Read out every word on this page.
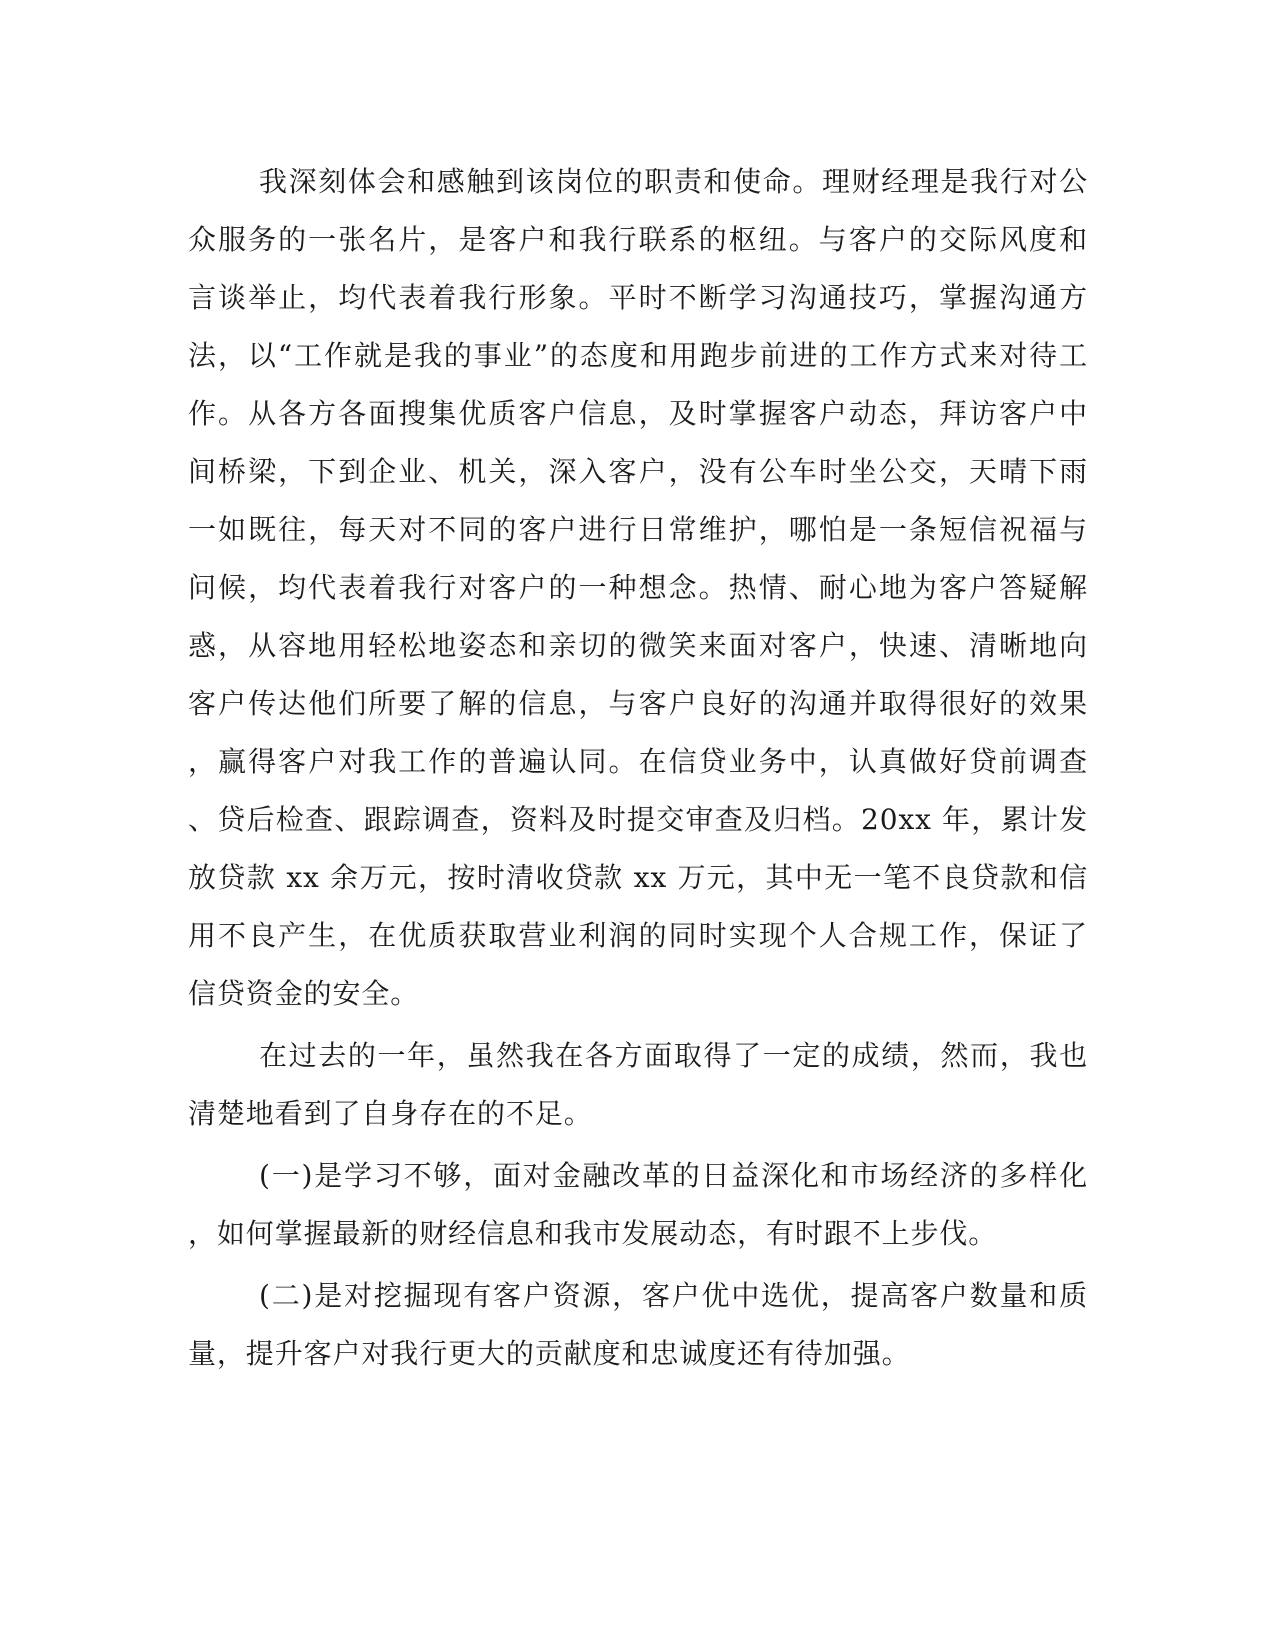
我深刻体会和感触到该岗位的职责和使命。理财经理是我行对公
众服务的一张名片，是客户和我行联系的枢纽。与客户的交际风度和
言谈举止，均代表着我行形象。平时不断学习沟通技巧，掌握沟通方
法，以“工作就是我的事业”的态度和用跑步前进的工作方式来对待工
作。从各方各面搜集优质客户信息，及时掌握客户动态，拜访客户中
间桥梁，下到企业、机关，深入客户，没有公车时坐公交，天晴下雨
一如既往，每天对不同的客户进行日常维护，哪怕是一条短信祝福与
问候，均代表着我行对客户的一种想念。热情、耐心地为客户答疑解
惑，从容地用轻松地姿态和亲切的微笑来面对客户，快速、清晰地向
客户传达他们所要了解的信息，与客户良好的沟通并取得很好的效果
，赢得客户对我工作的普遍认同。在信贷业务中，认真做好贷前调查
、贷后检查、跟踪调查，资料及时提交审查及归档。20xx 年，累计发
放贷款 xx 余万元，按时清收贷款 xx 万元，其中无一笔不良贷款和信
用不良产生，在优质获取营业利润的同时实现个人合规工作，保证了
信贷资金的安全。
在过去的一年，虽然我在各方面取得了一定的成绩，然而，我也
清楚地看到了自身存在的不足。
(一)是学习不够，面对金融改革的日益深化和市场经济的多样化
，如何掌握最新的财经信息和我市发展动态，有时跟不上步伐。
(二)是对挖掘现有客户资源，客户优中选优，提高客户数量和质
量，提升客户对我行更大的贡献度和忠诚度还有待加强。
